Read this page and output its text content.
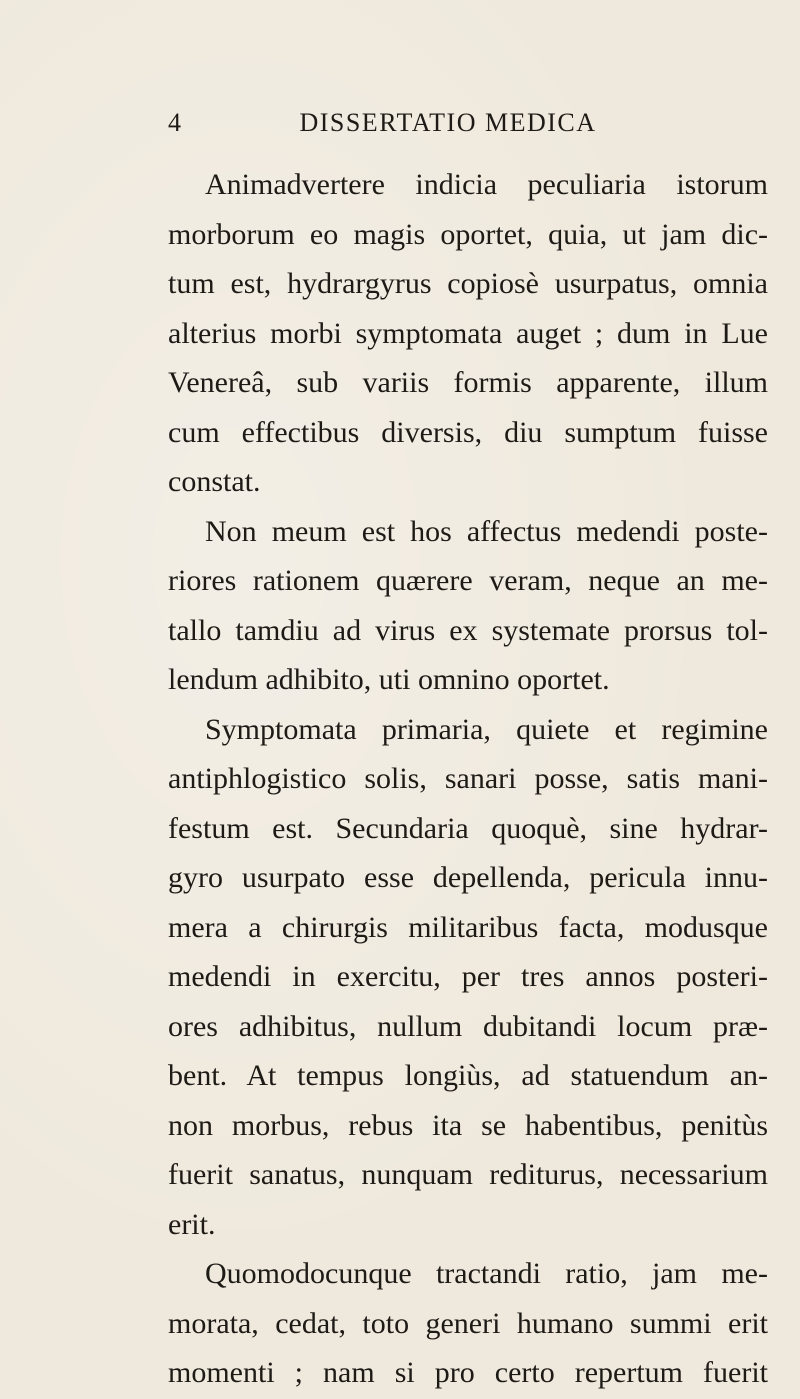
4	DISSERTATIO MEDICA
Animadvertere indicia peculiaria istorum
morborum eo magis oportet, quia, ut jam dic-
tum est, hydrargyrus copiosè usurpatus, omnia
alterius morbi symptomata auget ; dum in Lue
Venereâ, sub variis formis apparente, illum
cum effectibus diversis, diu sumptum fuisse
constat.
Non meum est hos affectus medendi poste-
riores rationem quærere veram, neque an me-
tallo tamdiu ad virus ex systemate prorsus tol-
lendum adhibito, uti omnino oportet.
Symptomata primaria, quiete et regimine
antiphlogistico solis, sanari posse, satis mani-
festum est. Secundaria quoquè, sine hydrar-
gyro usurpato esse depellenda, pericula innu-
mera a chirurgis militaribus facta, modusque
medendi in exercitu, per tres annos posteri-
ores adhibitus, nullum dubitandi locum præ-
bent. At tempus longiùs, ad statuendum an-
non morbus, rebus ita se habentibus, penitùs
fuerit sanatus, nunquam rediturus, necessarium
erit.
Quomodocunque tractandi ratio, jam me-
morata, cedat, toto generi humano summi erit
momenti ; nam si pro certo repertum fuerit
